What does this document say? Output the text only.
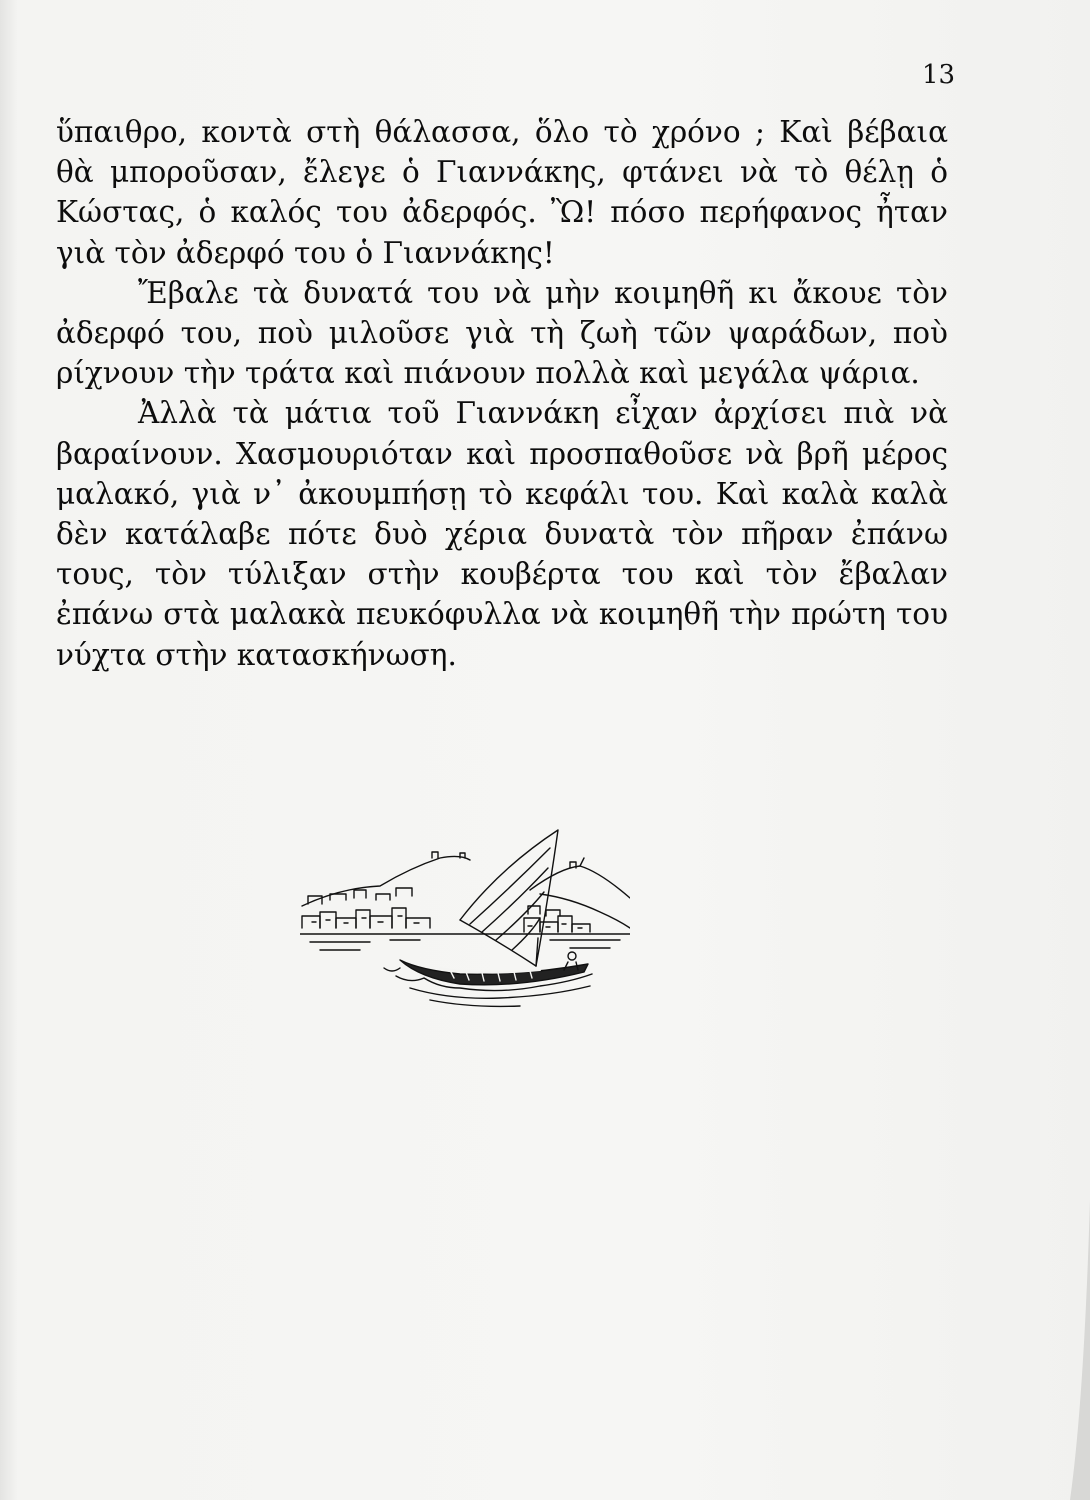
13

ὕπαιθρο, κοντὰ στὴ θάλασσα, ὅλο τὸ χρόνο ; Καὶ βέβαια θὰ μποροῦσαν, ἔλεγε ὁ Γιαννάκης, φτάνει νὰ τὸ θέλῃ ὁ Κώστας, ὁ καλός του ἀδερφός. Ὢ! πόσο περήφανος ἦταν γιὰ τὸν ἀδερφό του ὁ Γιαννάκης!

Ἔβαλε τὰ δυνατά του νὰ μὴν κοιμηθῆ κι ἄκουε τὸν ἀδερφό του, ποὺ μιλοῦσε γιὰ τὴ ζωὴ τῶν ψαράδων, ποὺ ρίχνουν τὴν τράτα καὶ πιάνουν πολλὰ καὶ μεγάλα ψάρια.

Ἀλλὰ τὰ μάτια τοῦ Γιαννάκη εἶχαν ἀρχίσει πιὰ νὰ βαραίνουν. Χασμουριόταν καὶ προσπαθοῦσε νὰ βρῆ μέρος μαλακό, γιὰ ν᾿ ἀκουμπήσῃ τὸ κεφάλι του. Καὶ καλὰ καλὰ δὲν κατάλαβε πότε δυὸ χέρια δυνατὰ τὸν πῆραν ἐπάνω τους, τὸν τύλιξαν στὴν κουβέρτα του καὶ τὸν ἔβαλαν ἐπάνω στὰ μαλακὰ πευκόφυλλα νὰ κοιμηθῆ τὴν πρώτη του νύχτα στὴν κατασκήνωση.
